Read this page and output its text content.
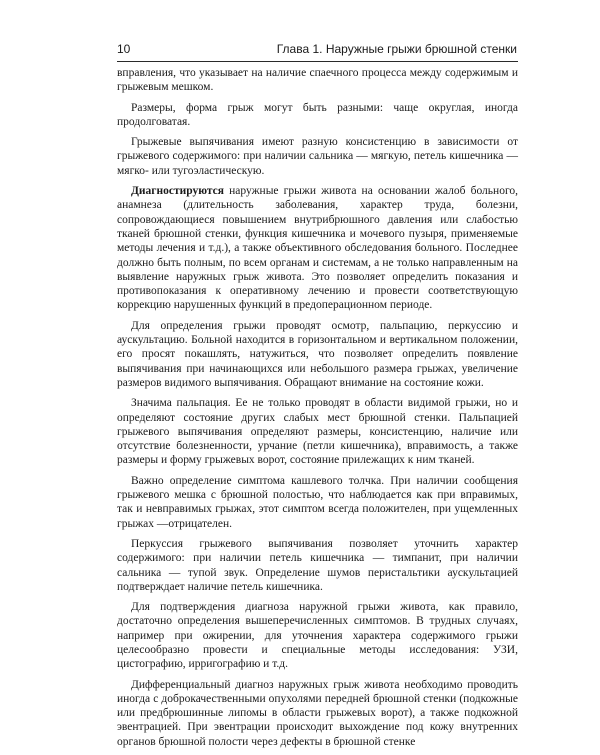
10	Глава 1. Наружные грыжи брюшной стенки

вправления, что указывает на наличие спаечного процесса между содержимым и грыжевым мешком.

Размеры, форма грыж могут быть разными: чаще округлая, иногда продолговатая.

Грыжевые выпячивания имеют разную консистенцию в зависимости от грыжевого содержимого: при наличии сальника — мягкую, петель кишечника — мягко- или тугоэластическую.

Диагностируются наружные грыжи живота на основании жалоб больного, анамнеза (длительность заболевания, характер труда, болезни, сопровождающиеся повышением внутрибрюшного давления или слабостью тканей брюшной стенки, функция кишечника и мочевого пузыря, применяемые методы лечения и т.д.), а также объективного обследования больного. Последнее должно быть полным, по всем органам и системам, а не только направленным на выявление наружных грыж живота. Это позволяет определить показания и противопоказания к оперативному лечению и провести соответствующую коррекцию нарушенных функций в предоперационном периоде.

Для определения грыжи проводят осмотр, пальпацию, перкуссию и аускультацию. Больной находится в горизонтальном и вертикальном положении, его просят покашлять, натужиться, что позволяет определить появление выпячивания при начинающихся или небольшого размера грыжах, увеличение размеров видимого выпячивания. Обращают внимание на состояние кожи.

Значима пальпация. Ее не только проводят в области видимой грыжи, но и определяют состояние других слабых мест брюшной стенки. Пальпацией грыжевого выпячивания определяют размеры, консистенцию, наличие или отсутствие болезненности, урчание (петли кишечника), вправимость, а также размеры и форму грыжевых ворот, состояние прилежащих к ним тканей.

Важно определение симптома кашлевого толчка. При наличии сообщения грыжевого мешка с брюшной полостью, что наблюдается как при вправимых, так и невправимых грыжах, этот симптом всегда положителен, при ущемленных грыжах —отрицателен.

Перкуссия грыжевого выпячивания позволяет уточнить характер содержимого: при наличии петель кишечника — тимпанит, при наличии сальника — тупой звук. Определение шумов перистальтики аускультацией подтверждает наличие петель кишечника.

Для подтверждения диагноза наружной грыжи живота, как правило, достаточно определения вышеперечисленных симптомов. В трудных случаях, например при ожирении, для уточнения характера содержимого грыжи целесообразно провести и специальные методы исследования: УЗИ, цистографию, ирригографию и т.д.

Дифференциальный диагноз наружных грыж живота необходимо проводить иногда с доброкачественными опухолями передней брюшной стенки (подкожные или предбрюшинные липомы в области грыжевых ворот), а также подкожной эвентрацией. При эвентрации происходит выхождение под кожу внутренних органов брюшной полости через дефекты в брюшной стенке
